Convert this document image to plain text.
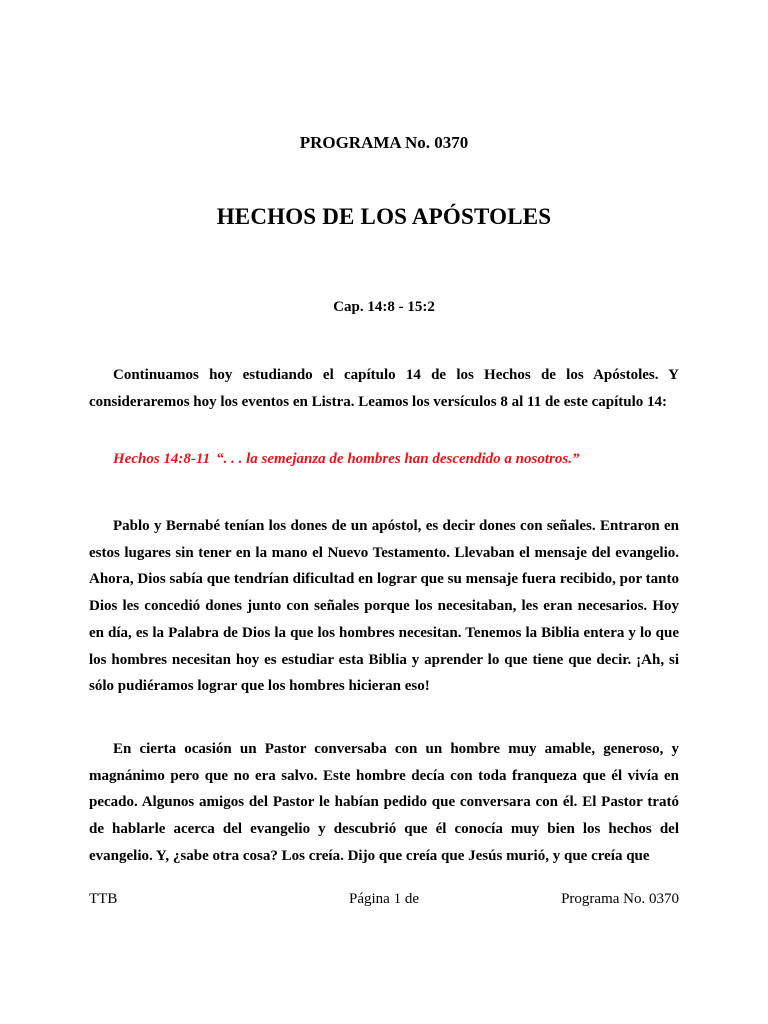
PROGRAMA No. 0370
HECHOS DE LOS APÓSTOLES
Cap. 14:8 - 15:2

Continuamos hoy estudiando el capítulo 14 de los Hechos de los Apóstoles. Y consideraremos hoy los eventos en Listra. Leamos los versículos 8 al 11 de este capítulo 14:

Hechos 14:8-11 “. . . la semejanza de hombres han descendido a nosotros.”

Pablo y Bernabé tenían los dones de un apóstol, es decir dones con señales. Entraron en estos lugares sin tener en la mano el Nuevo Testamento. Llevaban el mensaje del evangelio. Ahora, Dios sabía que tendrían dificultad en lograr que su mensaje fuera recibido, por tanto Dios les concedió dones junto con señales porque los necesitaban, les eran necesarios. Hoy en día, es la Palabra de Dios la que los hombres necesitan. Tenemos la Biblia entera y lo que los hombres necesitan hoy es estudiar esta Biblia y aprender lo que tiene que decir. ¡Ah, si sólo pudiéramos lograr que los hombres hicieran eso!

En cierta ocasión un Pastor conversaba con un hombre muy amable, generoso, y magnánimo pero que no era salvo. Este hombre decía con toda franqueza que él vivía en pecado. Algunos amigos del Pastor le habían pedido que conversara con él. El Pastor trató de hablarle acerca del evangelio y descubrió que él conocía muy bien los hechos del evangelio. Y, ¿sabe otra cosa? Los creía. Dijo que creía que Jesús murió, y que creía que

TTB	Página 1 de	Programa No. 0370
